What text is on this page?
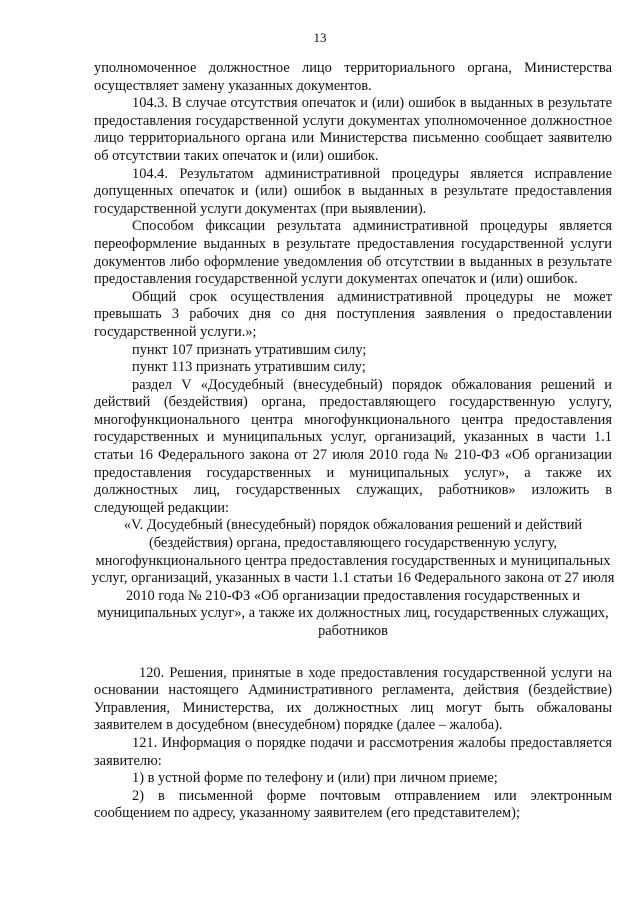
13

уполномоченное должностное лицо территориального органа, Министерства осуществляет замену указанных документов.

104.3. В случае отсутствия опечаток и (или) ошибок в выданных в результате предоставления государственной услуги документах уполномоченное должностное лицо территориального органа или Министерства письменно сообщает заявителю об отсутствии таких опечаток и (или) ошибок.

104.4. Результатом административной процедуры является исправление допущенных опечаток и (или) ошибок в выданных в результате предоставления государственной услуги документах (при выявлении).

Способом фиксации результата административной процедуры является переоформление выданных в результате предоставления государственной услуги документов либо оформление уведомления об отсутствии в выданных в результате предоставления государственной услуги документах опечаток и (или) ошибок.

Общий срок осуществления административной процедуры не может превышать 3 рабочих дня со дня поступления заявления о предоставлении государственной услуги.»;

пункт 107 признать утратившим силу;

пункт 113 признать утратившим силу;

раздел V «Досудебный (внесудебный) порядок обжалования решений и действий (бездействия) органа, предоставляющего государственную услугу, многофункционального центра многофункционального центра предоставления государственных и муниципальных услуг, организаций, указанных в части 1.1 статьи 16 Федерального закона от 27 июля 2010 года № 210-ФЗ «Об организации предоставления государственных и муниципальных услуг», а также их должностных лиц, государственных служащих, работников» изложить в следующей редакции:

«V. Досудебный (внесудебный) порядок обжалования решений и действий (бездействия) органа, предоставляющего государственную услугу, многофункционального центра предоставления государственных и муниципальных услуг, организаций, указанных в части 1.1 статьи 16 Федерального закона от 27 июля 2010 года № 210-ФЗ «Об организации предоставления государственных и муниципальных услуг», а также их должностных лиц, государственных служащих, работников

120. Решения, принятые в ходе предоставления государственной услуги на основании настоящего Административного регламента, действия (бездействие) Управления, Министерства, их должностных лиц могут быть обжалованы заявителем в досудебном (внесудебном) порядке (далее – жалоба).

121. Информация о порядке подачи и рассмотрения жалобы предоставляется заявителю:

1) в устной форме по телефону и (или) при личном приеме;

2) в письменной форме почтовым отправлением или электронным сообщением по адресу, указанному заявителем (его представителем);
